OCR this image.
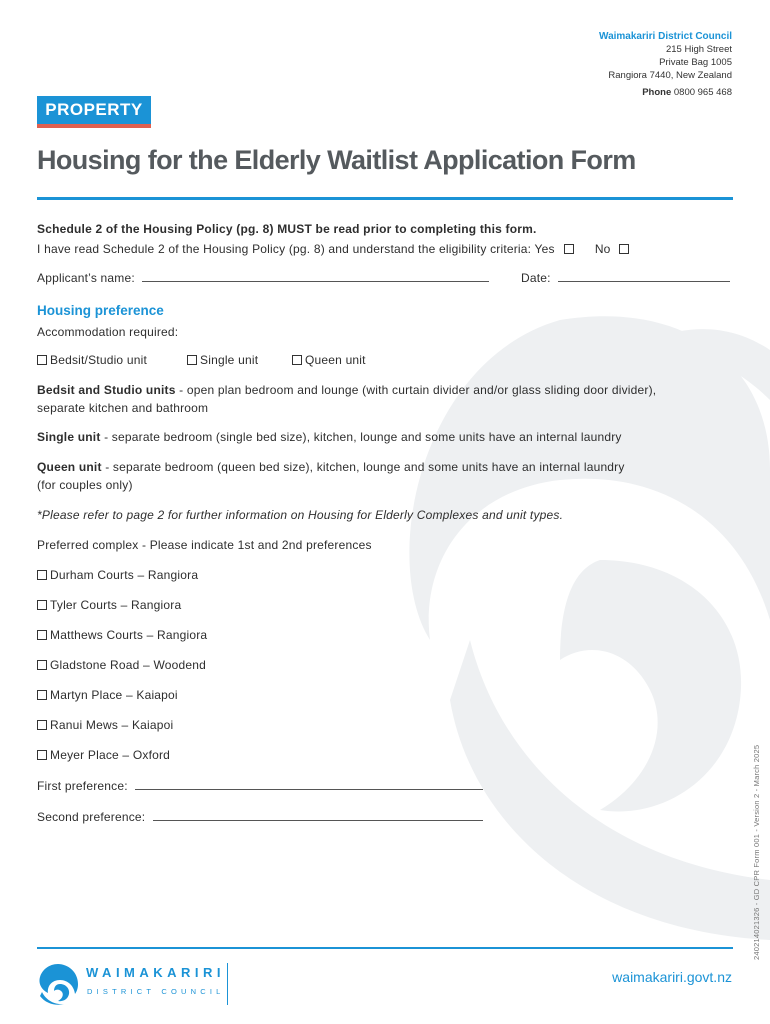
Waimakariri District Council
215 High Street
Private Bag 1005
Rangiora 7440, New Zealand
Phone 0800 965 468
PROPERTY
Housing for the Elderly Waitlist Application Form
Schedule 2 of the Housing Policy (pg. 8) MUST be read prior to completing this form.
I have read Schedule 2 of the Housing Policy (pg. 8) and understand the eligibility criteria: Yes	No
Applicant’s name:	Date:
Housing preference
Accommodation required:
Bedsit/Studio unit	Single unit	Queen unit
Bedsit and Studio units - open plan bedroom and lounge (with curtain divider and/or glass sliding door divider),
separate kitchen and bathroom
Single unit - separate bedroom (single bed size), kitchen, lounge and some units have an internal laundry
Queen unit - separate bedroom (queen bed size), kitchen, lounge and some units have an internal laundry
(for couples only)
*Please refer to page 2 for further information on Housing for Elderly Complexes and unit types.
Preferred complex - Please indicate 1st and 2nd preferences
Durham Courts – Rangiora
Tyler Courts – Rangiora
Matthews Courts – Rangiora
Gladstone Road – Woodend
Martyn Place – Kaiapoi
Ranui Mews – Kaiapoi
Meyer Place – Oxford
First preference:
Second preference:	240214021326 - GD CPR Form 001 - Version 2 - March 2025
WAIMAKARIRI
DISTRICT COUNCIL
waimakariri.govt.nz
